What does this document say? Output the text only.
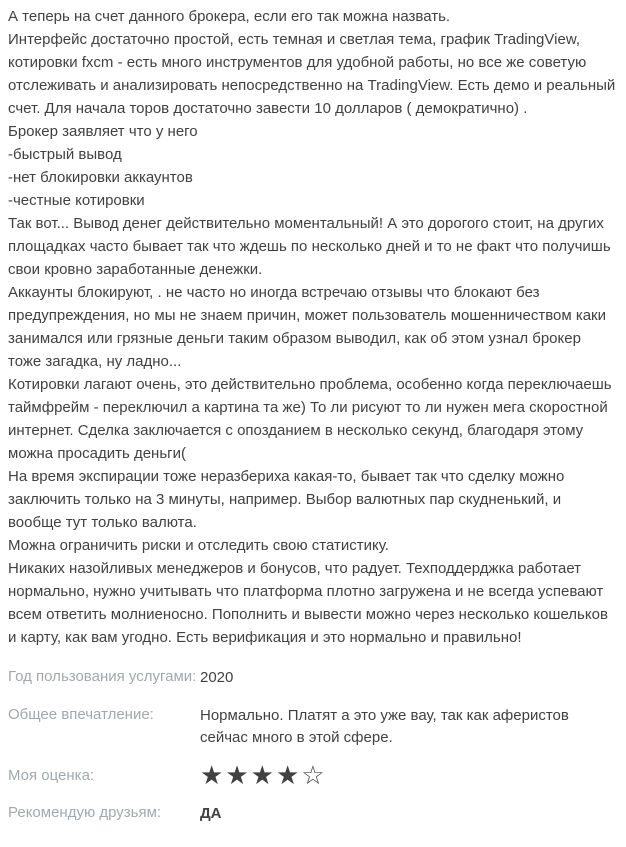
А теперь на счет данного брокера, если его так можна назвать.

Интерфейс достаточно простой, есть темная и светлая тема, график TradingView, котировки fxcm - есть много инструментов для удобной работы, но все же советую отслеживать и анализировать непосредственно на TradingView. Есть демо и реальный счет. Для начала торов достаточно завести 10 долларов ( демократично) .

Брокер заявляет что у него

-быстрый вывод

-нет блокировки аккаунтов

-честные котировки

Так вот... Вывод денег действительно моментальный! А это дорогого стоит, на других площадках часто бывает так что ждешь по несколько дней и то не факт что получишь свои кровно заработанные денежки.

Аккаунты блокируют, . не часто но иногда встречаю отзывы что блокают без предупреждения, но мы не знаем причин, может пользователь мошенничеством каки занимался или грязные деньги таким образом выводил, как об этом узнал брокер тоже загадка, ну ладно...

Котировки лагают очень, это действительно проблема, особенно когда переключаешь таймфрейм - переключил а картина та же) То ли рисуют то ли нужен мега скоростной интернет. Сделка заключается с опозданием в несколько секунд, благодаря этому можна просадить деньги(

На время экспирации тоже неразбериха какая-то, бывает так что сделку можно заключить только на 3 минуты, например. Выбор валютных пар скудненький, и вообще тут только валюта.

Можна ограничить риски и отследить свою статистику.

Никаких назойливых менеджеров и бонусов, что радует. Техподдерджка работает нормально, нужно учитывать что платформа плотно загружена и не всегда успевают всем ответить молниеносно. Пополнить и вывести можно через несколько кошельков и карту, как вам угодно. Есть верификация и это нормально и правильно!

Год пользования услугами: 2020
Общее впечатление:	Нормально. Платят а это уже вау, так как аферистов сейчас много в этой сфере.
Моя оценка:	★★★★☆
Рекомендую друзьям:	ДА
